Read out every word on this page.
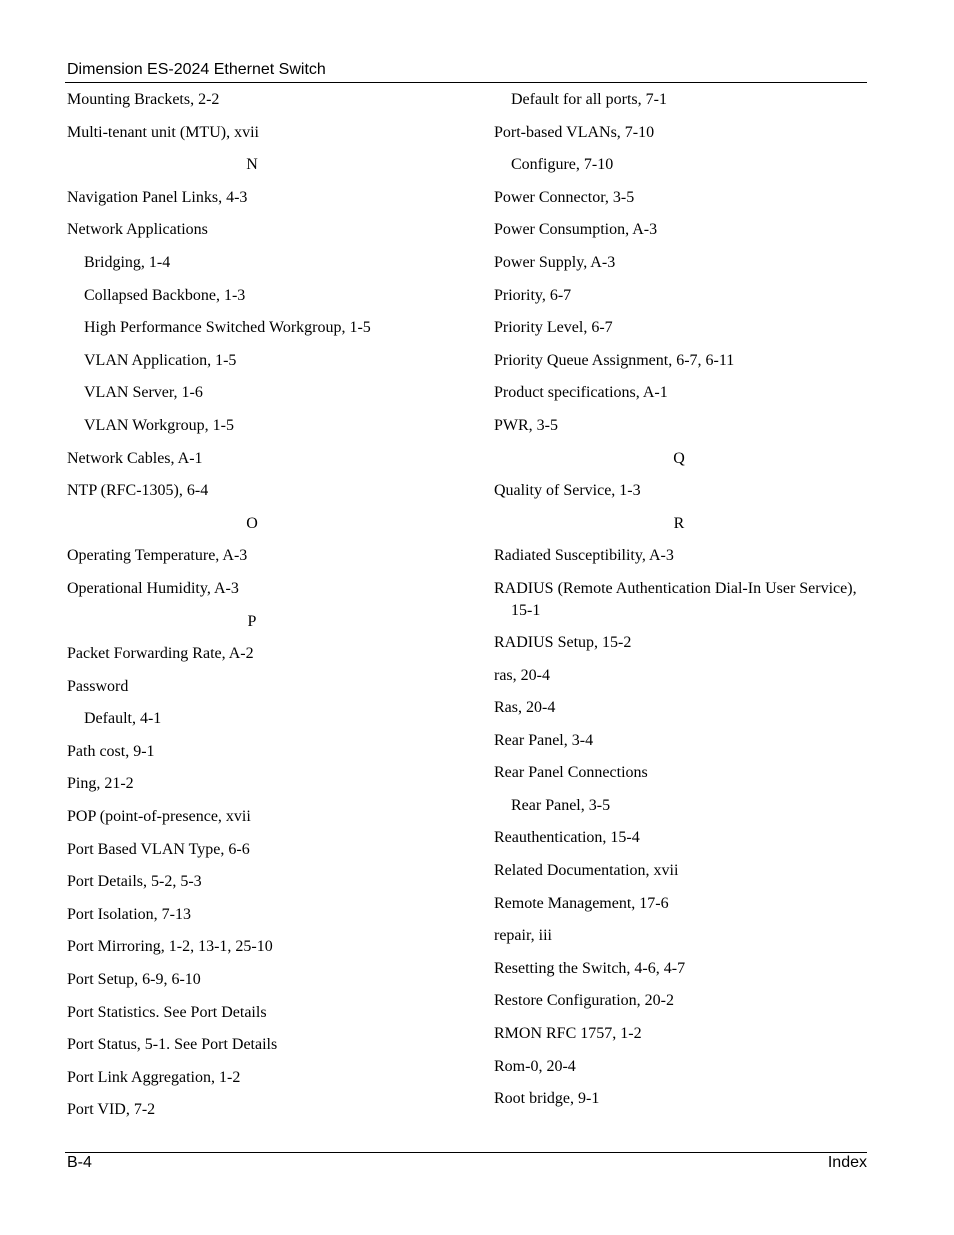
Dimension ES-2024 Ethernet Switch
Mounting Brackets, 2-2
Multi-tenant unit (MTU), xvii
N
Navigation Panel Links, 4-3
Network Applications
Bridging, 1-4
Collapsed Backbone, 1-3
High Performance Switched Workgroup, 1-5
VLAN Application, 1-5
VLAN Server, 1-6
VLAN Workgroup, 1-5
Network Cables, A-1
NTP (RFC-1305), 6-4
O
Operating Temperature, A-3
Operational Humidity, A-3
P
Packet Forwarding Rate, A-2
Password
Default, 4-1
Path cost, 9-1
Ping, 21-2
POP (point-of-presence, xvii
Port Based VLAN Type, 6-6
Port Details, 5-2, 5-3
Port Isolation, 7-13
Port Mirroring, 1-2, 13-1, 25-10
Port Setup, 6-9, 6-10
Port Statistics. See Port Details
Port Status, 5-1. See Port Details
Port Link Aggregation, 1-2
Port VID, 7-2
Default for all ports, 7-1
Port-based VLANs, 7-10
Configure, 7-10
Power Connector, 3-5
Power Consumption, A-3
Power Supply, A-3
Priority, 6-7
Priority Level, 6-7
Priority Queue Assignment, 6-7, 6-11
Product specifications, A-1
PWR, 3-5
Q
Quality of Service, 1-3
R
Radiated Susceptibility, A-3
RADIUS (Remote Authentication Dial-In User Service), 15-1
RADIUS Setup, 15-2
ras, 20-4
Ras, 20-4
Rear Panel, 3-4
Rear Panel Connections
Rear Panel, 3-5
Reauthentication, 15-4
Related Documentation, xvii
Remote Management, 17-6
repair, iii
Resetting the Switch, 4-6, 4-7
Restore Configuration, 20-2
RMON RFC 1757, 1-2
Rom-0, 20-4
Root bridge, 9-1
B-4	Index
